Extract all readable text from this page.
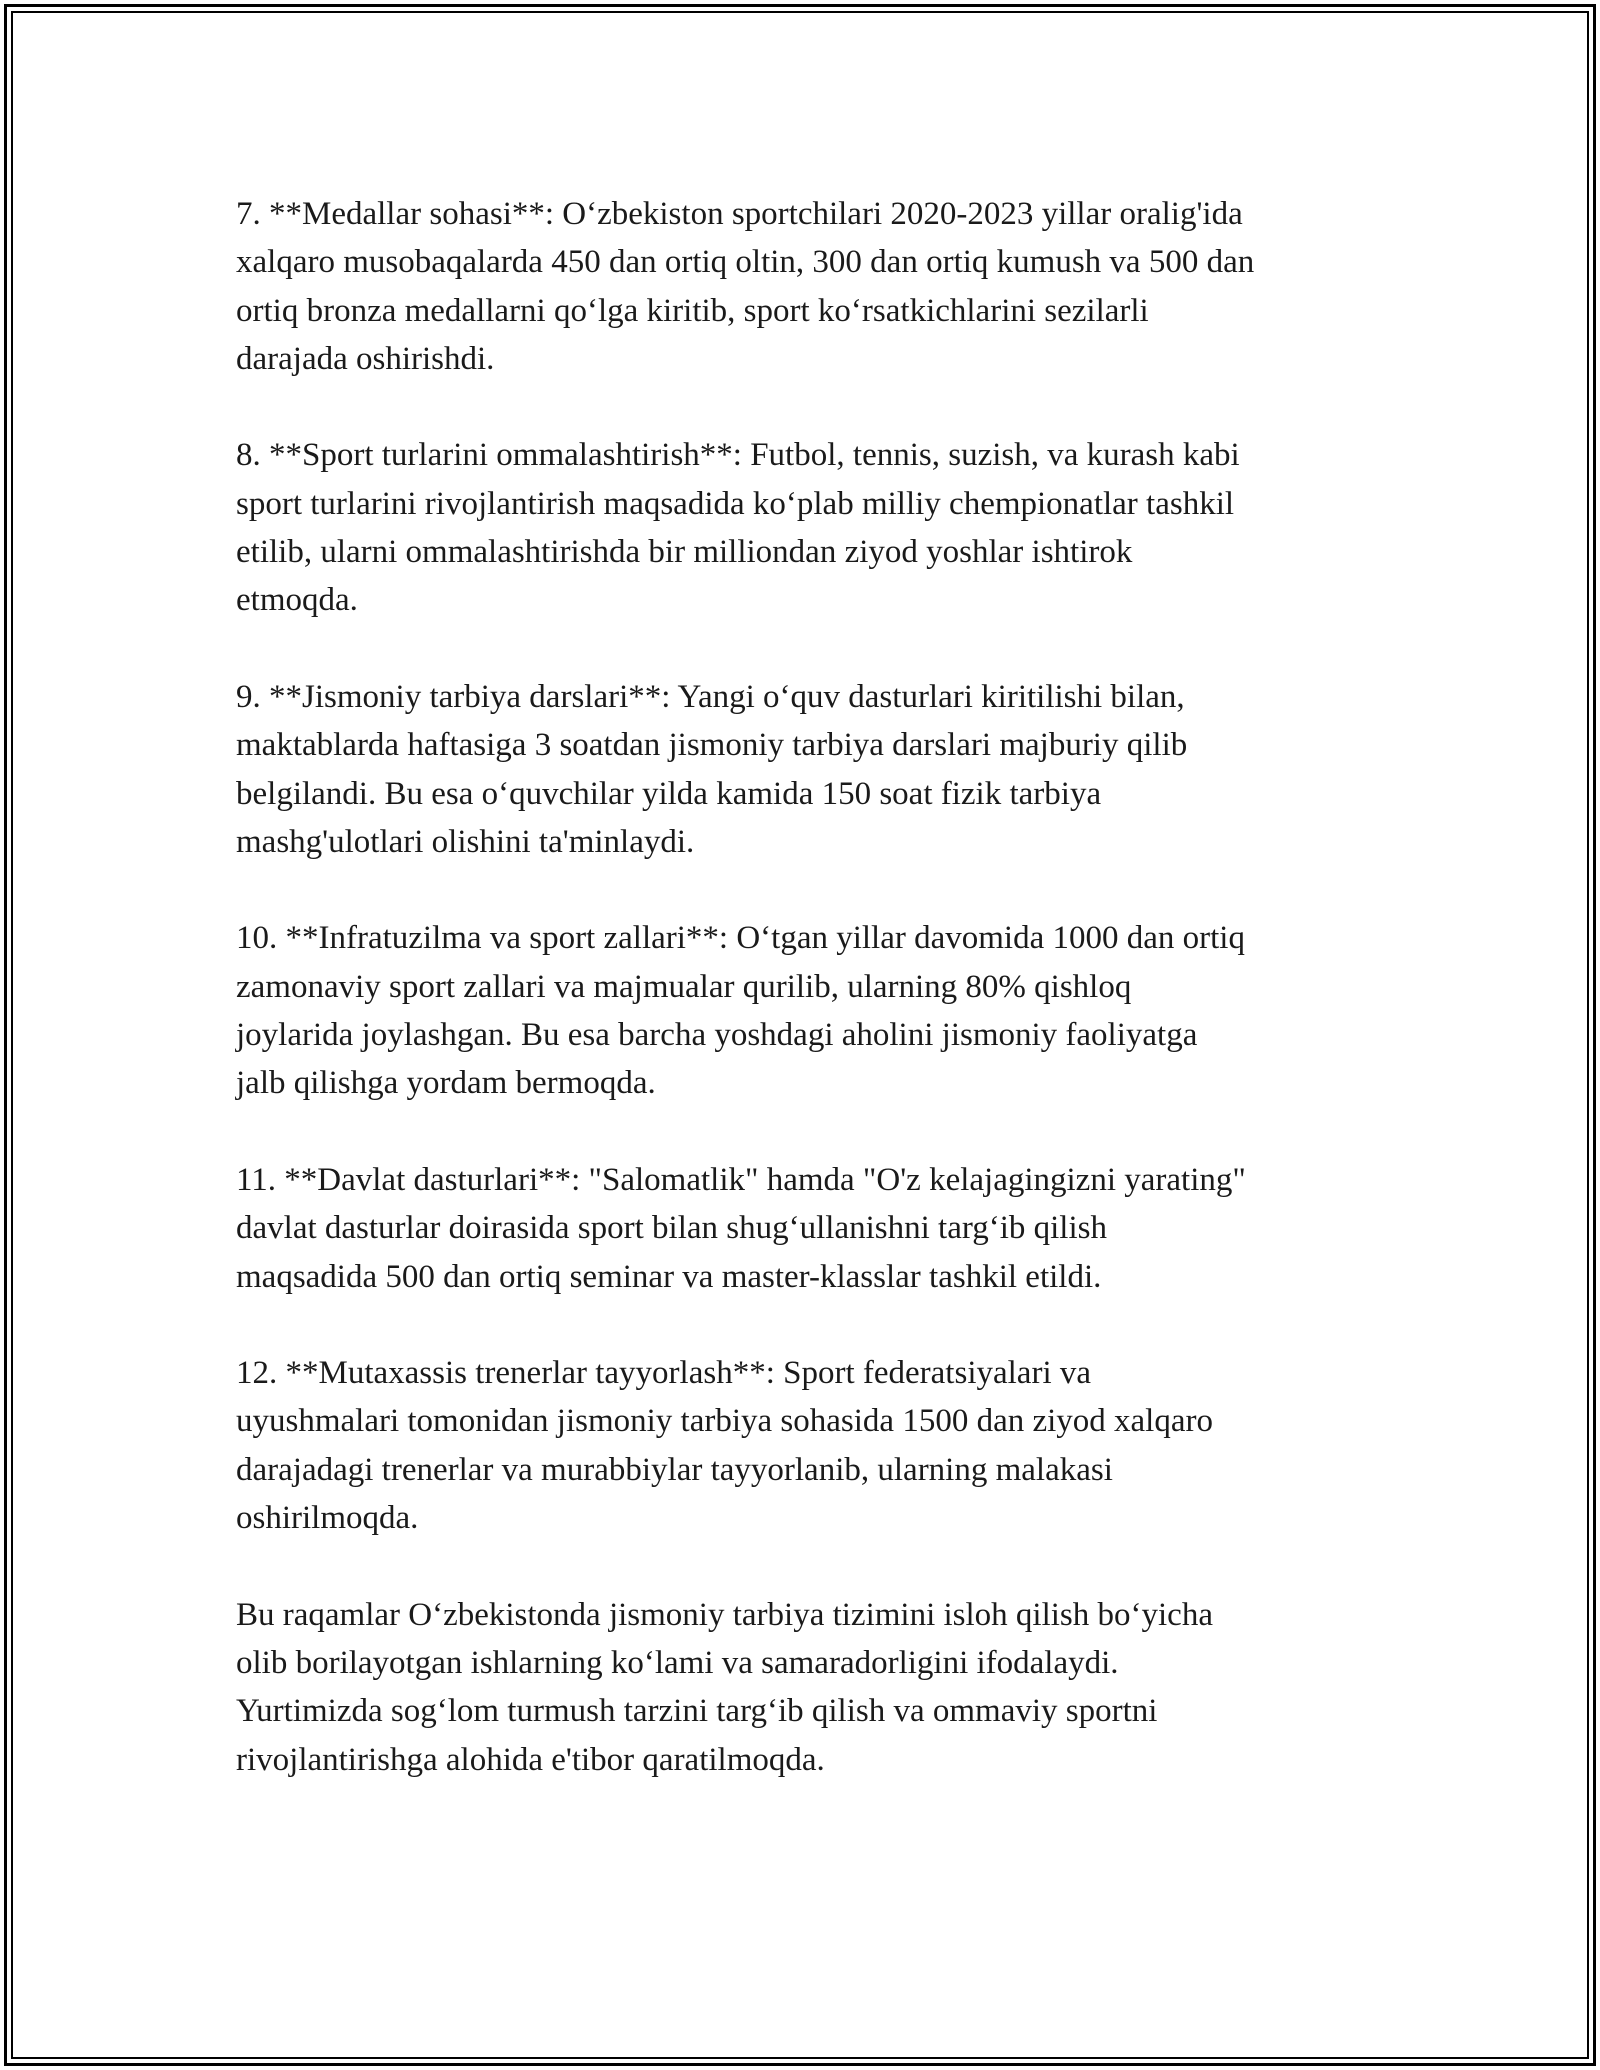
7. **Medallar sohasi**: O‘zbekiston sportchilari 2020-2023 yillar oralig'ida
xalqaro musobaqalarda 450 dan ortiq oltin, 300 dan ortiq kumush va 500 dan
ortiq bronza medallarni qo‘lga kiritib, sport ko‘rsatkichlarini sezilarli
darajada oshirishdi.

8. **Sport turlarini ommalashtirish**: Futbol, tennis, suzish, va kurash kabi
sport turlarini rivojlantirish maqsadida ko‘plab milliy chempionatlar tashkil
etilib, ularni ommalashtirishda bir milliondan ziyod yoshlar ishtirok
etmoqda.

9. **Jismoniy tarbiya darslari**: Yangi o‘quv dasturlari kiritilishi bilan,
maktablarda haftasiga 3 soatdan jismoniy tarbiya darslari majburiy qilib
belgilandi. Bu esa o‘quvchilar yilda kamida 150 soat fizik tarbiya
mashg'ulotlari olishini ta'minlaydi.

10. **Infratuzilma va sport zallari**: O‘tgan yillar davomida 1000 dan ortiq
zamonaviy sport zallari va majmualar qurilib, ularning 80% qishloq
joylarida joylashgan. Bu esa barcha yoshdagi aholini jismoniy faoliyatga
jalb qilishga yordam bermoqda.

11. **Davlat dasturlari**: "Salomatlik" hamda "O'z kelajagingizni yarating"
davlat dasturlar doirasida sport bilan shug‘ullanishni targ‘ib qilish
maqsadida 500 dan ortiq seminar va master-klasslar tashkil etildi.

12. **Mutaxassis trenerlar tayyorlash**: Sport federatsiyalari va
uyushmalari tomonidan jismoniy tarbiya sohasida 1500 dan ziyod xalqaro
darajadagi trenerlar va murabbiylar tayyorlanib, ularning malakasi
oshirilmoqda.

Bu raqamlar O‘zbekistonda jismoniy tarbiya tizimini isloh qilish bo‘yicha
olib borilayotgan ishlarning ko‘lami va samaradorligini ifodalaydi.
Yurtimizda sog‘lom turmush tarzini targ‘ib qilish va ommaviy sportni
rivojlantirishga alohida e'tibor qaratilmoqda.
